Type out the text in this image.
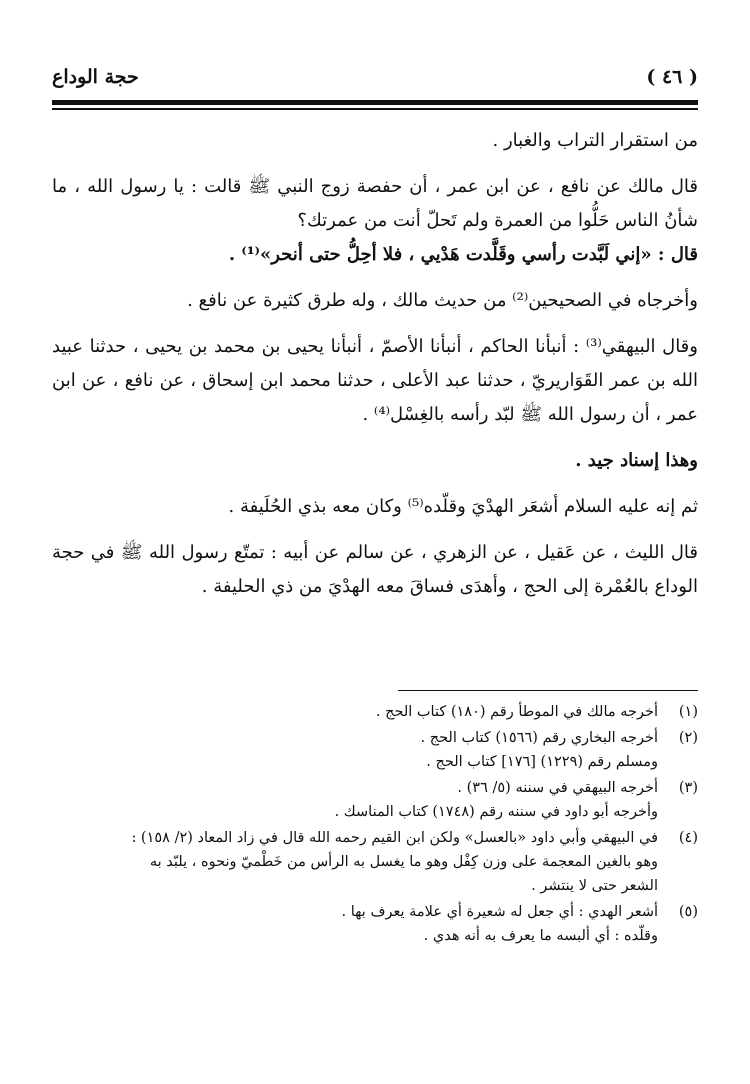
( ٤٦ )
حجة الوداع

من استقرار التراب والغبار .

قال مالك عن نافع ، عن ابن عمر ، أن حفصة زوج النبي ﷺ قالت : يا رسول الله ، ما شأنُ الناس حَلُّوا من العمرة ولم تَحلّ أنت من عمرتك؟

قال : «إني لَبَّدت رأسي وقَلَّدت هَدْيي ، فلا أحِلُّ حتى أنحر»⁽¹⁾ .

وأخرجاه في الصحيحين⁽²⁾ من حديث مالك ، وله طرق كثيرة عن نافع .

وقال البيهقي⁽³⁾ : أنبأنا الحاكم ، أنبأنا الأصمّ ، أنبأنا يحيى بن محمد بن يحيى ، حدثنا عبيد الله بن عمر القَوَاريريّ ، حدثنا عبد الأعلى ، حدثنا محمد ابن إسحاق ، عن نافع ، عن ابن عمر ، أن رسول الله ﷺ لبّد رأسه بالغِسْل⁽⁴⁾ .

وهذا إسناد جيد .

ثم إنه عليه السلام أشعَر الهدْيَ وقلّده⁽⁵⁾ وكان معه بذي الحُلَيفة .

قال الليث ، عن عَقيل ، عن الزهري ، عن سالم عن أبيه : تمتّع رسول الله ﷺ في حجة الوداع بالعُمْرة إلى الحج ، وأهدَى فساقَ معه الهدْيَ من ذي الحليفة .

(١)
أخرجه مالك في الموطأ رقم (١٨٠) كتاب الحج .
(٢)
أخرجه البخاري رقم (١٥٦٦) كتاب الحج .
ومسلم رقم (١٢٢٩) [١٧٦] كتاب الحج .
(٣)
أخرجه البيهقي في سننه (٥/ ٣٦) .
وأخرجه أبو داود في سننه رقم (١٧٤٨) كتاب المناسك .
(٤)
في البيهقي وأبي داود «بالعسل» ولكن ابن القيم رحمه الله قال في زاد المعاد (٢/ ١٥٨) :
وهو بالغين المعجمة على وزن كِفْل وهو ما يغسل به الرأس من خَطْميّ ونحوه ، يلبّد به
الشعر حتى لا ينتشر .
(٥)
أشعر الهدي : أي جعل له شعيرة أي علامة يعرف بها .
وقلّده : أي ألبسه ما يعرف به أنه هدي .
